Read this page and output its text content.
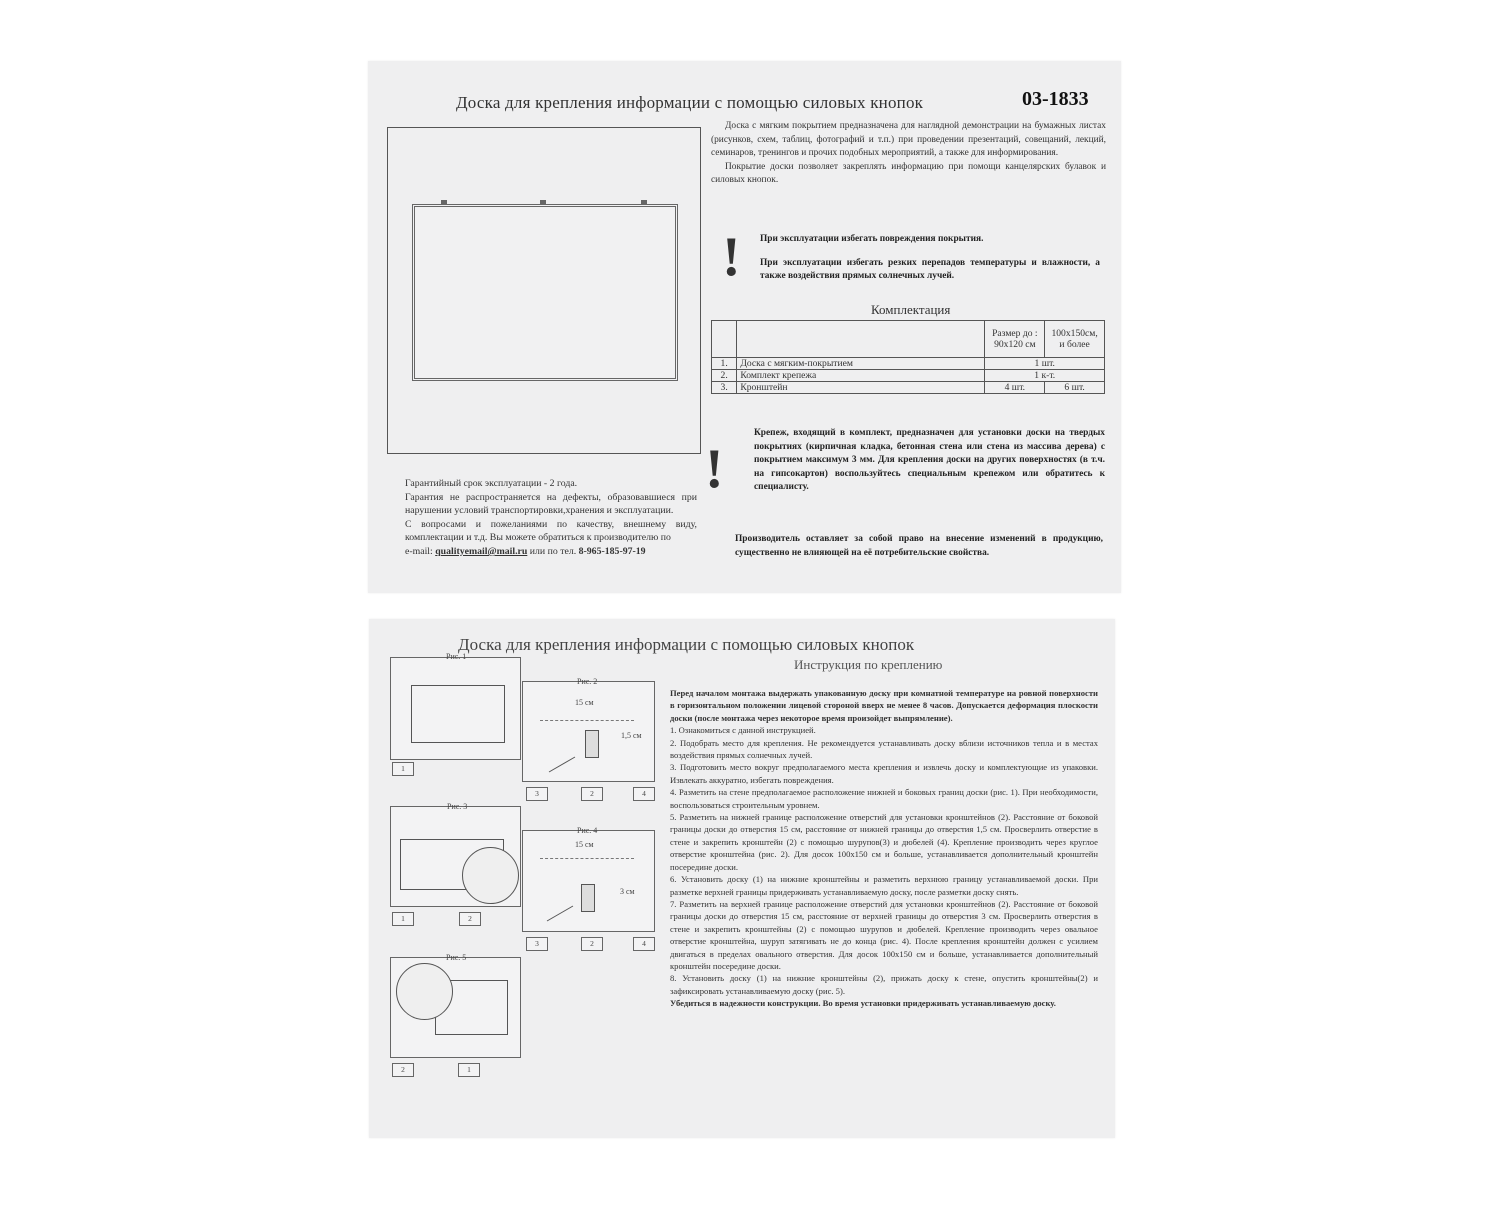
Доска для крепления информации с помощью силовых кнопок	03-1833

Доска с мягким покрытием предназначена для наглядной демонстрации на бумажных листах (рисунков, схем, таблиц, фотографий и т.п.) при проведении презентаций, совещаний, лекций, семинаров, тренингов и прочих подобных мероприятий, а также для информирования.

Покрытие доски позволяет закреплять информацию при помощи канцелярских булавок и силовых кнопок.

! При эксплуатации избегать повреждения покрытия.

При эксплуатации избегать резких перепадов температуры и влажности, а также воздействия прямых солнечных лучей.

Комплектация
		Размер до : 90x120 см	100x150см, и более
1.	Доска с мягким-покрытием	1 шт.	
2.	Комплект крепежа	1 к-т.	
3.	Кронштейн	4 шт.	6 шт.
!
Крепеж, входящий в комплект, предназначен для установки доски на твердых покрытиях (кирпичная кладка, бетонная стена или стена из массива дерева) с покрытием максимум 3 мм. Для крепления доски на других поверхностях (в т.ч. на гипсокартон) воспользуйтесь специальным крепежом или обратитесь к специалисту.

Гарантийный срок эксплуатации - 2 года.

Гарантия не распространяется на дефекты, образовавшиеся при нарушении условий транспортировки,хранения и эксплуатации.

С вопросами и пожеланиями по качеству, внешнему виду, комплектации и т.д. Вы можете обратиться к производителю по

e-mail: qualityemail@mail.ru или по тел. 8-965-185-97-19

Производитель оставляет за собой право на внесение изменений в продукцию, существенно не влияющей на её потребительские свойства.
Доска для крепления информации с помощью силовых кнопок
Инструкция по креплению
Рис. 1
1
Рис. 2
15 см
1,5 см
3	2	4
Рис. 3
1	2
Рис. 4
15 см
3 см
3	2	4
Рис. 5
2	1

Перед началом монтажа выдержать упакованную доску при комнатной температуре на ровной поверхности в горизонтальном положении лицевой стороной вверх не менее 8 часов. Допускается деформация плоскости доски (после монтажа через некоторое время произойдет выпрямление).

1. Ознакомиться с данной инструкцией.

2. Подобрать место для крепления. Не рекомендуется устанавливать доску вблизи источников тепла и в местах воздействия прямых солнечных лучей.

3. Подготовить место вокруг предполагаемого места крепления и извлечь доску и комплектующие из упаковки. Извлекать аккуратно, избегать повреждения.

4. Разметить на стене предполагаемое расположение нижней и боковых границ доски (рис. 1). При необходимости, воспользоваться строительным уровнем.

5. Разметить на нижней границе расположение отверстий для установки кронштейнов (2). Расстояние от боковой границы доски до отверстия 15 см, расстояние от нижней границы до отверстия 1,5 см. Просверлить отверстие в стене и закрепить кронштейн (2) с помощью шурупов(3) и дюбелей (4). Крепление производить через круглое отверстие кронштейна (рис. 2). Для досок 100x150 см и больше, устанавливается дополнительный кронштейн посередине доски.

6. Установить доску (1) на нижние кронштейны и разметить верхнюю границу устанавливаемой доски. При разметке верхней границы придерживать устанавливаемую доску, после разметки доску снять.

7. Разметить на верхней границе расположение отверстий для установки кронштейнов (2). Расстояние от боковой границы доски до отверстия 15 см, расстояние от верхней границы до отверстия 3 см. Просверлить отверстия в стене и закрепить кронштейны (2) с помощью шурупов и дюбелей. Крепление производить через овальное отверстие кронштейна, шуруп затягивать не до конца (рис. 4). После крепления кронштейн должен с усилием двигаться в пределах овального отверстия. Для досок 100x150 см и больше, устанавливается дополнительный кронштейн посередине доски.

8. Установить доску (1) на нижние кронштейны (2), прижать доску к стене, опустить кронштейны(2) и зафиксировать устанавливаемую доску (рис. 5).

Убедиться в надежности конструкции. Во время установки придерживать устанавливаемую доску.
